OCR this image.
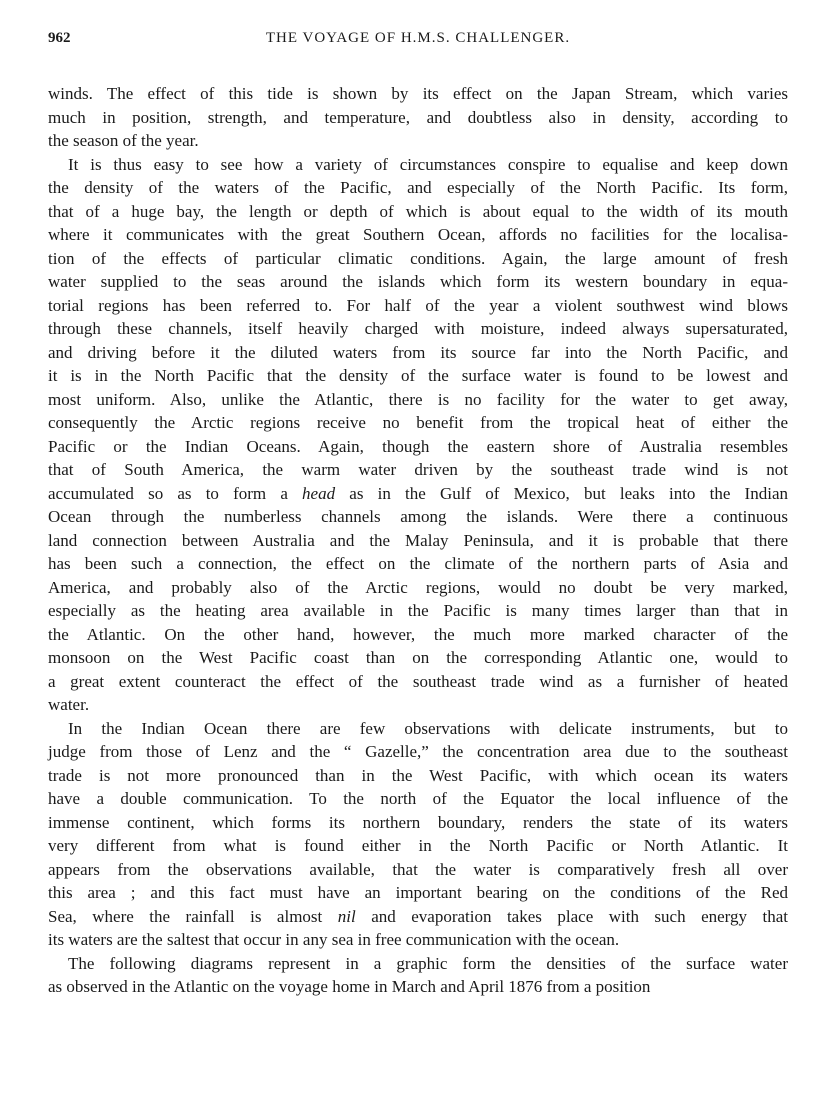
962	THE VOYAGE OF H.M.S. CHALLENGER.
winds. The effect of this tide is shown by its effect on the Japan Stream, which varies
much in position, strength, and temperature, and doubtless also in density, according to
the season of the year.
It is thus easy to see how a variety of circumstances conspire to equalise and keep down
the density of the waters of the Pacific, and especially of the North Pacific. Its form,
that of a huge bay, the length or depth of which is about equal to the width of its mouth
where it communicates with the great Southern Ocean, affords no facilities for the localisa-
tion of the effects of particular climatic conditions. Again, the large amount of fresh
water supplied to the seas around the islands which form its western boundary in equa-
torial regions has been referred to. For half of the year a violent southwest wind blows
through these channels, itself heavily charged with moisture, indeed always supersaturated,
and driving before it the diluted waters from its source far into the North Pacific, and
it is in the North Pacific that the density of the surface water is found to be lowest and
most uniform. Also, unlike the Atlantic, there is no facility for the water to get away,
consequently the Arctic regions receive no benefit from the tropical heat of either the
Pacific or the Indian Oceans. Again, though the eastern shore of Australia resembles
that of South America, the warm water driven by the southeast trade wind is not
accumulated so as to form a head as in the Gulf of Mexico, but leaks into the Indian
Ocean through the numberless channels among the islands. Were there a continuous
land connection between Australia and the Malay Peninsula, and it is probable that there
has been such a connection, the effect on the climate of the northern parts of Asia and
America, and probably also of the Arctic regions, would no doubt be very marked,
especially as the heating area available in the Pacific is many times larger than that in
the Atlantic. On the other hand, however, the much more marked character of the
monsoon on the West Pacific coast than on the corresponding Atlantic one, would to
a great extent counteract the effect of the southeast trade wind as a furnisher of heated
water.
In the Indian Ocean there are few observations with delicate instruments, but to
judge from those of Lenz and the “ Gazelle,” the concentration area due to the southeast
trade is not more pronounced than in the West Pacific, with which ocean its waters
have a double communication. To the north of the Equator the local influence of the
immense continent, which forms its northern boundary, renders the state of its waters
very different from what is found either in the North Pacific or North Atlantic. It
appears from the observations available, that the water is comparatively fresh all over
this area ; and this fact must have an important bearing on the conditions of the Red
Sea, where the rainfall is almost nil and evaporation takes place with such energy that
its waters are the saltest that occur in any sea in free communication with the ocean.
The following diagrams represent in a graphic form the densities of the surface water
as observed in the Atlantic on the voyage home in March and April 1876 from a position
